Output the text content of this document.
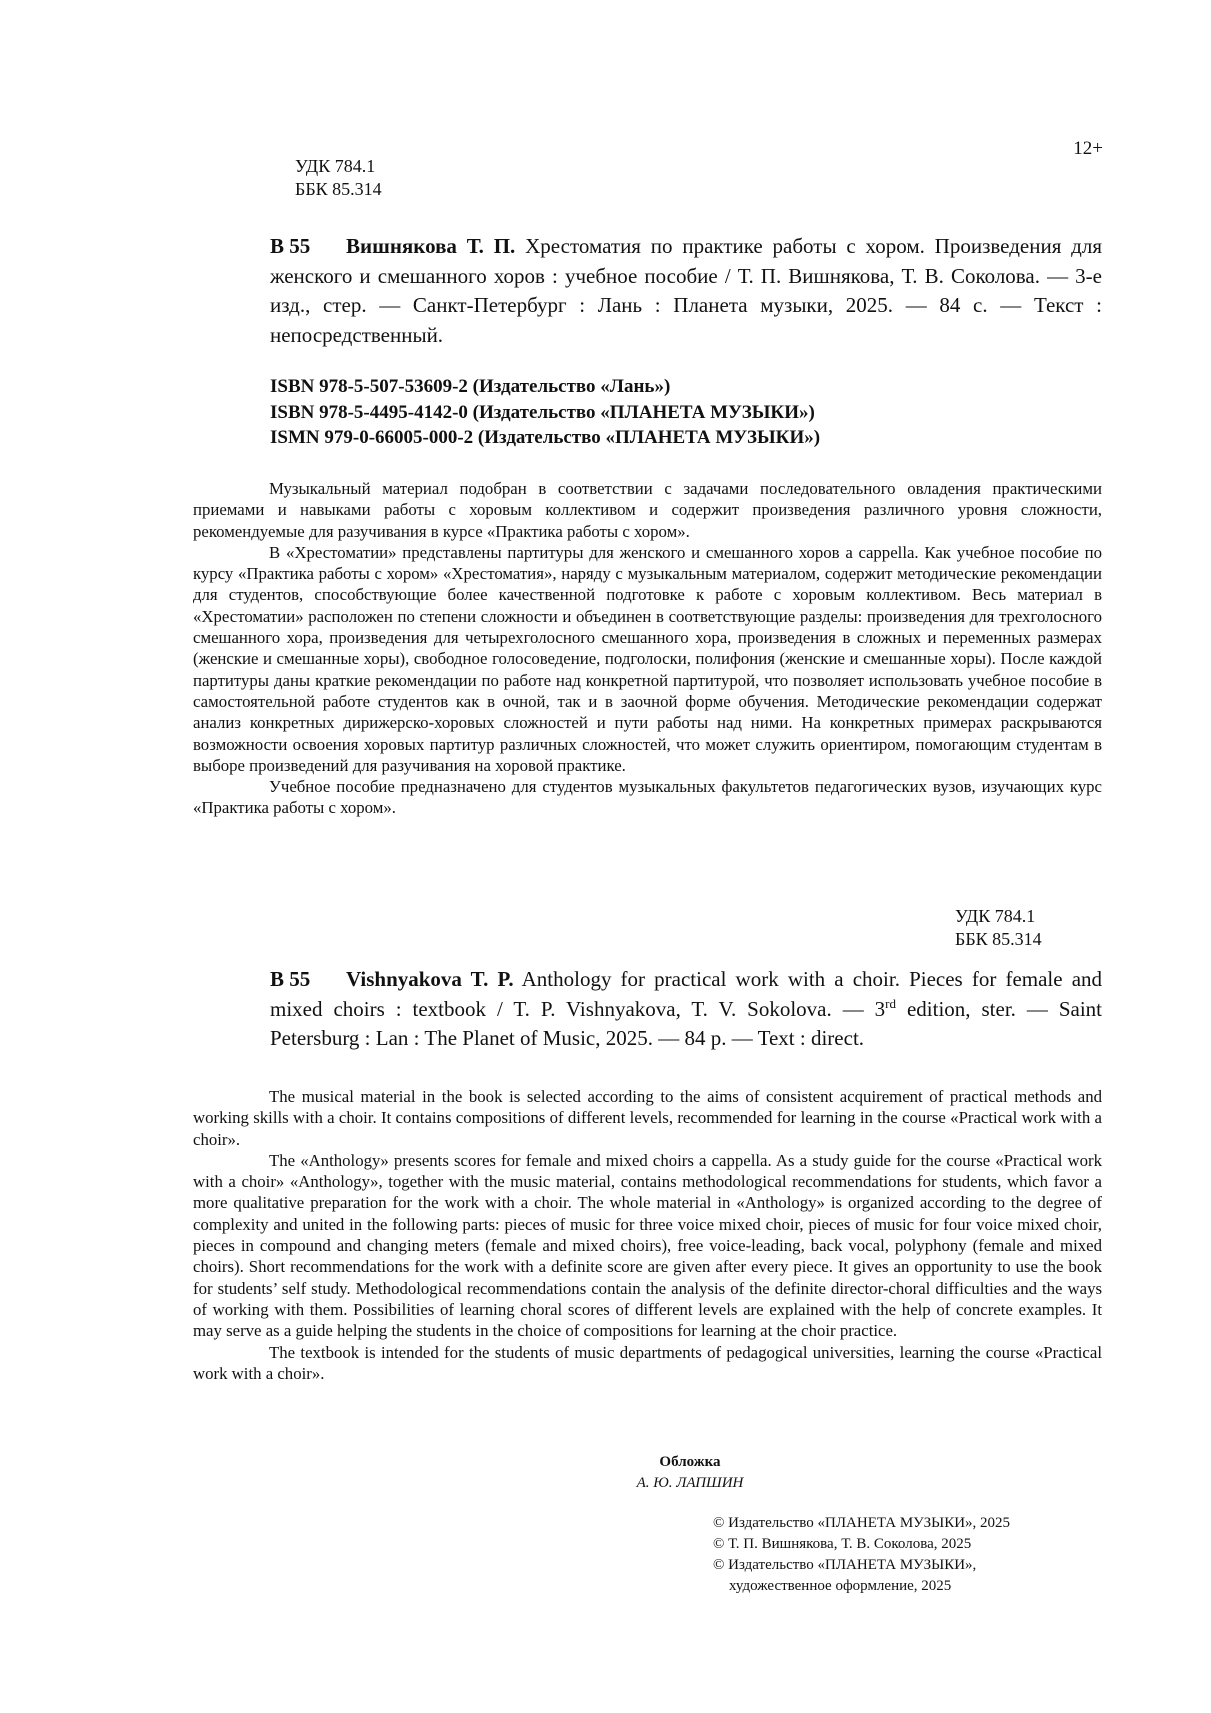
12+
УДК 784.1
ББК 85.314
В 55 Вишнякова Т. П. Хрестоматия по практике работы с хором. Произведения для женского и смешанного хоров : учебное пособие / Т. П. Вишнякова, Т. В. Соколова. — 3-е изд., стер. — Санкт-Петербург : Лань : Планета музыки, 2025. — 84 с. — Текст : непосредственный.
ISBN 978-5-507-53609-2 (Издательство «Лань»)
ISBN 978-5-4495-4142-0 (Издательство «ПЛАНЕТА МУЗЫКИ»)
ISMN 979-0-66005-000-2 (Издательство «ПЛАНЕТА МУЗЫКИ»)

Музыкальный материал подобран в соответствии с задачами последовательного овладения практическими приемами и навыками работы с хоровым коллективом и содержит произведения различного уровня сложности, рекомендуемые для разучивания в курсе «Практика работы с хором».

В «Хрестоматии» представлены партитуры для женского и смешанного хоров a cappella. Как учебное пособие по курсу «Практика работы с хором» «Хрестоматия», наряду с музыкальным материалом, содержит методические рекомендации для студентов, способствующие более качественной подготовке к работе с хоровым коллективом. Весь материал в «Хрестоматии» расположен по степени сложности и объединен в соответствующие разделы: произведения для трехголосного смешанного хора, произведения для четырехголосного смешанного хора, произведения в сложных и переменных размерах (женские и смешанные хоры), свободное голосоведение, подголоски, полифония (женские и смешанные хоры). После каждой партитуры даны краткие рекомендации по работе над конкретной партитурой, что позволяет использовать учебное пособие в самостоятельной работе студентов как в очной, так и в заочной форме обучения. Методические рекомендации содержат анализ конкретных дирижерско-хоровых сложностей и пути работы над ними. На конкретных примерах раскрываются возможности освоения хоровых партитур различных сложностей, что может служить ориентиром, помогающим студентам в выборе произведений для разучивания на хоровой практике.

Учебное пособие предназначено для студентов музыкальных факультетов педагогических вузов, изучающих курс «Практика работы с хором».

УДК 784.1
ББК 85.314
B 55 Vishnyakova T. P. Anthology for practical work with a choir. Pieces for female and mixed choirs : textbook / T. P. Vishnyakova, T. V. Sokolova. — 3rd edition, ster. — Saint Petersburg : Lan : The Planet of Music, 2025. — 84 p. — Text : direct.

The musical material in the book is selected according to the aims of consistent acquirement of practical methods and working skills with a choir. It contains compositions of different levels, recommended for learning in the course «Practical work with a choir».

The «Anthology» presents scores for female and mixed choirs a cappella. As a study guide for the course «Practical work with a choir» «Anthology», together with the music material, contains methodological recommendations for students, which favor a more qualitative preparation for the work with a choir. The whole material in «Anthology» is organized according to the degree of complexity and united in the following parts: pieces of music for three voice mixed choir, pieces of music for four voice mixed choir, pieces in compound and changing meters (female and mixed choirs), free voice-leading, back vocal, polyphony (female and mixed choirs). Short recommendations for the work with a definite score are given after every piece. It gives an opportunity to use the book for students’ self study. Methodological recommendations contain the analysis of the definite director-choral difficulties and the ways of working with them. Possibilities of learning choral scores of different levels are explained with the help of concrete examples. It may serve as a guide helping the students in the choice of compositions for learning at the choir practice.

The textbook is intended for the students of music departments of pedagogical universities, learning the course «Practical work with a choir».

Обложка
А. Ю. ЛАПШИН
© Издательство «ПЛАНЕТА МУЗЫКИ», 2025
© Т. П. Вишнякова, Т. В. Соколова, 2025
© Издательство «ПЛАНЕТА МУЗЫКИ»,
художественное оформление, 2025
